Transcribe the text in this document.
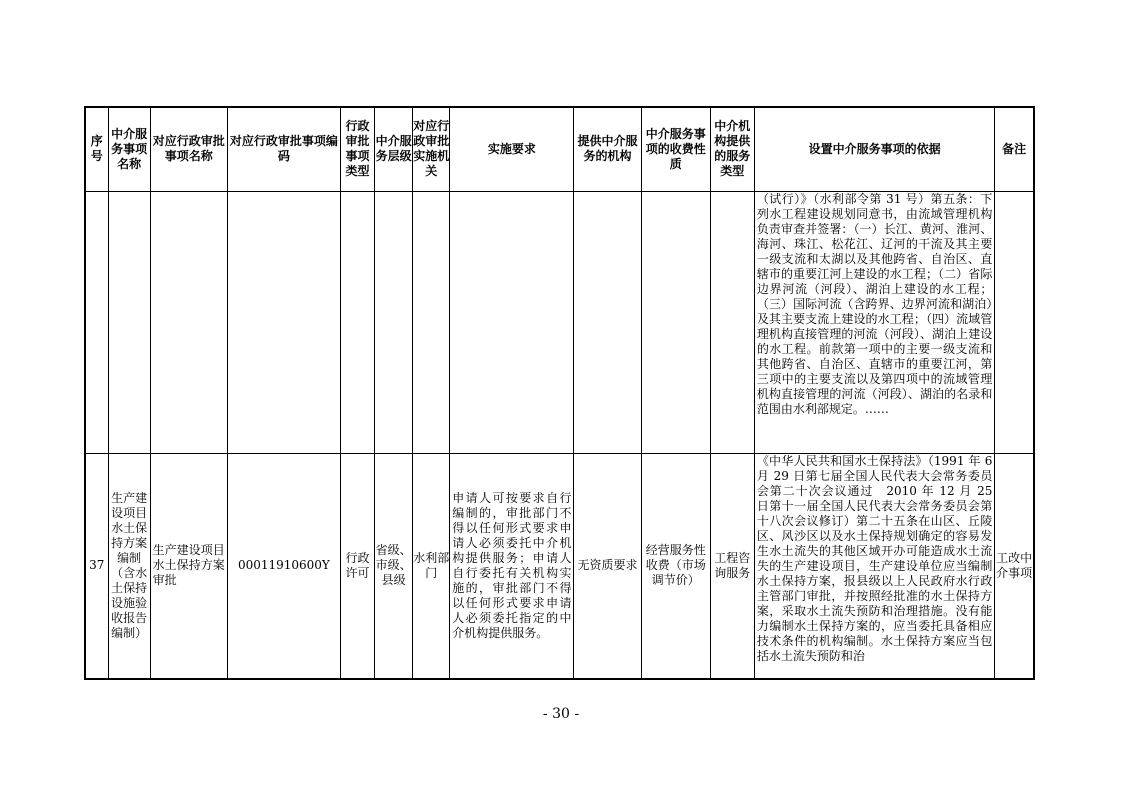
序号	中介服务事项名称	对应行政审批事项名称	对应行政审批事项编码	行政审批事项类型	中介服务层级	对应行政审批实施机关	实施要求	提供中介服务的机构	中介服务事项的收费性质	中介机构提供的服务类型	设置中介服务事项的依据	备注
											（试行）》（水利部令第 31 号）第五条：下列水工程建设规划同意书，由流域管理机构负责审查并签署：（一）长江、黄河、淮河、海河、珠江、松花江、辽河的干流及其主要一级支流和太湖以及其他跨省、自治区、直辖市的重要江河上建设的水工程；（二）省际边界河流（河段）、湖泊上建设的水工程；（三）国际河流（含跨界、边界河流和湖泊）及其主要支流上建设的水工程；（四）流域管理机构直接管理的河流（河段）、湖泊上建设的水工程。前款第一项中的主要一级支流和其他跨省、自治区、直辖市的重要江河，第三项中的主要支流以及第四项中的流域管理机构直接管理的河流（河段）、湖泊的名录和范围由水利部规定。……	
37	生产建设项目水土保持方案编制（含水土保持设施验收报告编制）	生产建设项目水土保持方案审批	00011910600Y	行政许可	省级、市级、县级	水利部门	申请人可按要求自行编制的，审批部门不得以任何形式要求申请人必须委托中介机构提供服务；申请人自行委托有关机构实施的，审批部门不得以任何形式要求申请人必须委托指定的中介机构提供服务。	无资质要求	经营服务性收费（市场调节价）	工程咨询服务	《中华人民共和国水土保持法》（1991 年 6 月 29 日第七届全国人民代表大会常务委员会第二十次会议通过　2010 年 12 月 25 日第十一届全国人民代表大会常务委员会第十八次会议修订）第二十五条在山区、丘陵区、风沙区以及水土保持规划确定的容易发生水土流失的其他区域开办可能造成水土流失的生产建设项目，生产建设单位应当编制水土保持方案，报县级以上人民政府水行政主管部门审批，并按照经批准的水土保持方案，采取水土流失预防和治理措施。没有能力编制水土保持方案的，应当委托具备相应技术条件的机构编制。水土保持方案应当包括水土流失预防和治	工改中介事项
- 30 -
